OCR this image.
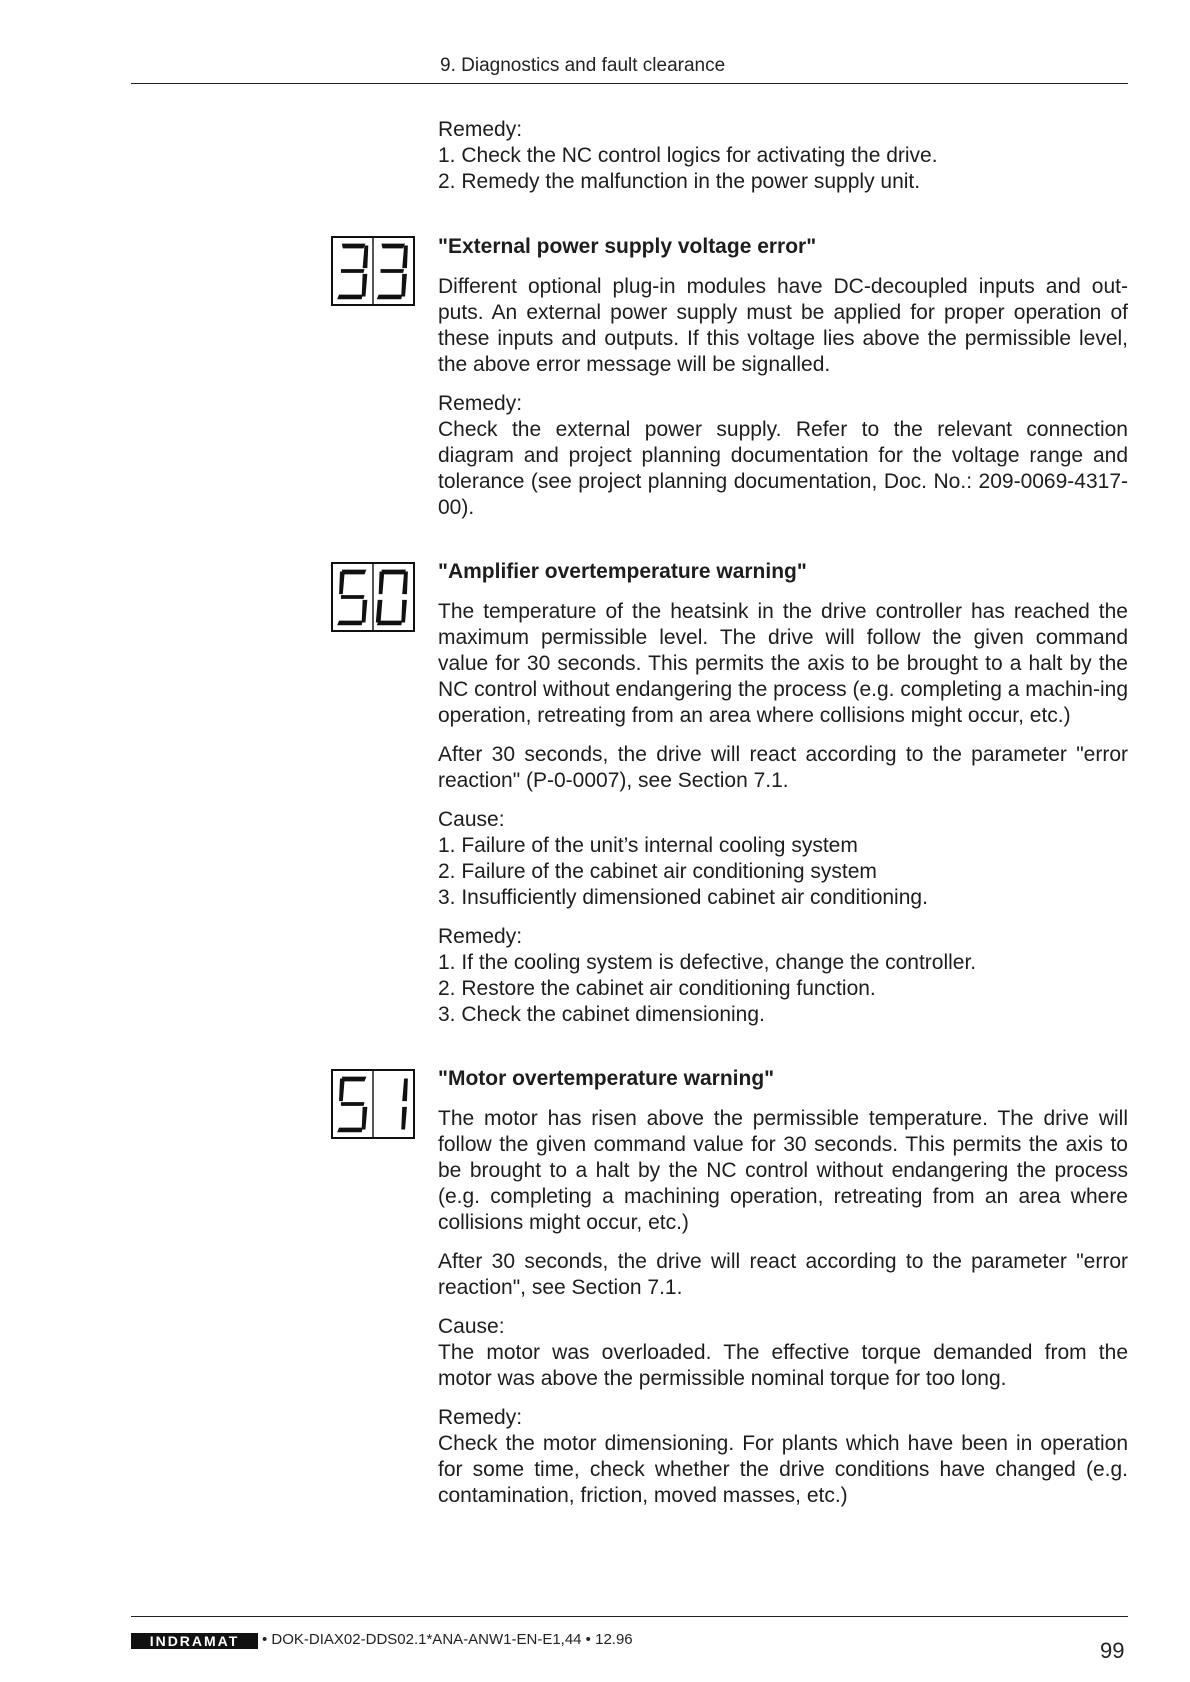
9. Diagnostics and fault clearance
Remedy:
1. Check the NC control logics for activating the drive.
2. Remedy the malfunction in the power supply unit.
"External power supply voltage error"

Different optional plug-in modules have DC-decoupled inputs and out-puts. An external power supply must be applied for proper operation of these inputs and outputs. If this voltage lies above the permissible level, the above error message will be signalled.

Remedy:
Check the external power supply. Refer to the relevant connection diagram and project planning documentation for the voltage range and tolerance (see project planning documentation, Doc. No.: 209-0069-4317-00).
"Amplifier overtemperature warning"

The temperature of the heatsink in the drive controller has reached the maximum permissible level. The drive will follow the given command value for 30 seconds. This permits the axis to be brought to a halt by the NC control without endangering the process (e.g. completing a machin-ing operation, retreating from an area where collisions might occur, etc.)

After 30 seconds, the drive will react according to the parameter "error reaction" (P-0-0007), see Section 7.1.

Cause:
1. Failure of the unit’s internal cooling system
2. Failure of the cabinet air conditioning system
3. Insufficiently dimensioned cabinet air conditioning.
Remedy:
1. If the cooling system is defective, change the controller.
2. Restore the cabinet air conditioning function.
3. Check the cabinet dimensioning.
"Motor overtemperature warning"

The motor has risen above the permissible temperature. The drive will follow the given command value for 30 seconds. This permits the axis to be brought to a halt by the NC control without endangering the process (e.g. completing a machining operation, retreating from an area where collisions might occur, etc.)

After 30 seconds, the drive will react according to the parameter "error reaction", see Section 7.1.

Cause:
The motor was overloaded. The effective torque demanded from the motor was above the permissible nominal torque for too long.
Remedy:
Check the motor dimensioning. For plants which have been in operation for some time, check whether the drive conditions have changed (e.g. contamination, friction, moved masses, etc.)
INDRAMAT • DOK-DIAX02-DDS02.1*ANA-ANW1-EN-E1,44 • 12.96	99
